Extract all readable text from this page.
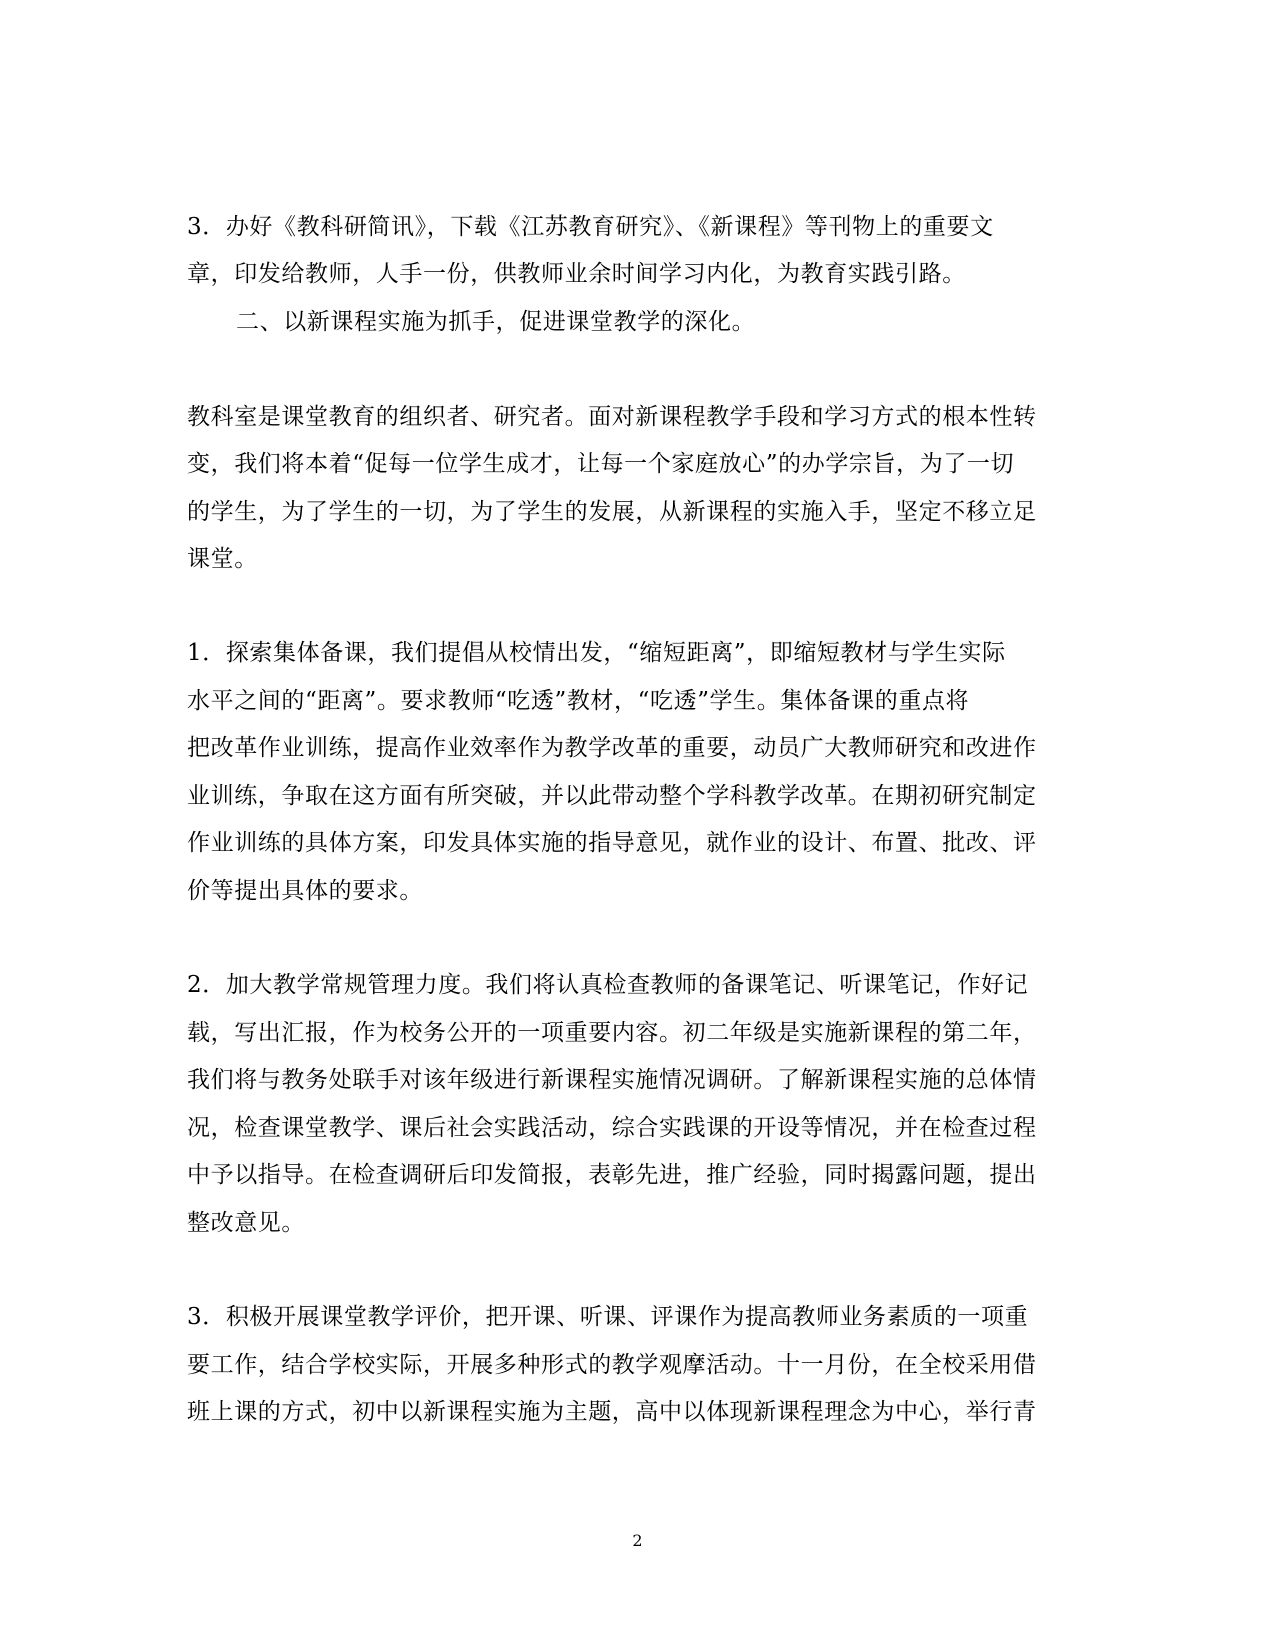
3．办好《教科研简讯》，下载《江苏教育研究》、《新课程》等刊物上的重要文
章，印发给教师，人手一份，供教师业余时间学习内化，为教育实践引路。
二、以新课程实施为抓手，促进课堂教学的深化。
教科室是课堂教育的组织者、研究者。面对新课程教学手段和学习方式的根本性转
变，我们将本着“促每一位学生成才，让每一个家庭放心”的办学宗旨，为了一切
的学生，为了学生的一切，为了学生的发展，从新课程的实施入手，坚定不移立足
课堂。
1．探索集体备课，我们提倡从校情出发，“缩短距离”，即缩短教材与学生实际
水平之间的“距离”。要求教师“吃透”教材，“吃透”学生。集体备课的重点将
把改革作业训练，提高作业效率作为教学改革的重要，动员广大教师研究和改进作
业训练，争取在这方面有所突破，并以此带动整个学科教学改革。在期初研究制定
作业训练的具体方案，印发具体实施的指导意见，就作业的设计、布置、批改、评
价等提出具体的要求。
2．加大教学常规管理力度。我们将认真检查教师的备课笔记、听课笔记，作好记
载，写出汇报，作为校务公开的一项重要内容。初二年级是实施新课程的第二年，
我们将与教务处联手对该年级进行新课程实施情况调研。了解新课程实施的总体情
况，检查课堂教学、课后社会实践活动，综合实践课的开设等情况，并在检查过程
中予以指导。在检查调研后印发简报，表彰先进，推广经验，同时揭露问题，提出
整改意见。
3．积极开展课堂教学评价，把开课、听课、评课作为提高教师业务素质的一项重
要工作，结合学校实际，开展多种形式的教学观摩活动。十一月份，在全校采用借
班上课的方式，初中以新课程实施为主题，高中以体现新课程理念为中心，举行青
2
